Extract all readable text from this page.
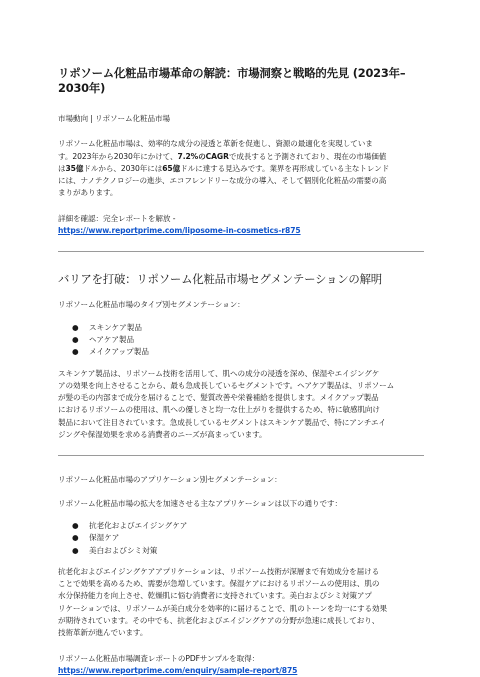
リポソーム化粧品市場革命の解読：市場洞察と戦略的先見 (2023年–2030年)

市場動向 | リポソーム化粧品市場

リポソーム化粧品市場は、効率的な成分の浸透と革新を促進し、資源の最適化を実現していま
す。2023年から2030年にかけて、7.2%のCAGRで成長すると予測されており、現在の市場価値
は35億ドルから、2030年には65億ドルに達する見込みです。業界を再形成している主なトレンド
には、ナノテクノロジーの進歩、エコフレンドリーな成分の導入、そして個別化化粧品の需要の高
まりがあります。

詳細を確認：完全レポートを解放 -

https://www.reportprime.com/liposome-in-cosmetics-r875

バリアを打破：リポソーム化粧品市場セグメンテーションの解明

リポソーム化粧品市場のタイプ別セグメンテーション：

● スキンケア製品
● ヘアケア製品
● メイクアップ製品

スキンケア製品は、リポソーム技術を活用して、肌への成分の浸透を深め、保湿やエイジングケ
アの効果を向上させることから、最も急成長しているセグメントです。ヘアケア製品は、リポソーム
が髪の毛の内部まで成分を届けることで、髪質改善や栄養補給を提供します。メイクアップ製品
におけるリポソームの使用は、肌への優しさと均一な仕上がりを提供するため、特に敏感肌向け
製品において注目されています。急成長しているセグメントはスキンケア製品で、特にアンチエイ
ジングや保湿効果を求める消費者のニーズが高まっています。

リポソーム化粧品市場のアプリケーション別セグメンテーション：

リポソーム化粧品市場の拡大を加速させる主なアプリケーションは以下の通りです：

● 抗老化およびエイジングケア
● 保湿ケア
● 美白およびシミ対策

抗老化およびエイジングケアアプリケーションは、リポソーム技術が深層まで有効成分を届ける
ことで効果を高めるため、需要が急増しています。保湿ケアにおけるリポソームの使用は、肌の
水分保持能力を向上させ、乾燥肌に悩む消費者に支持されています。美白およびシミ対策アプ
リケーションでは、リポソームが美白成分を効率的に届けることで、肌のトーンを均一にする効果
が期待されています。その中でも、抗老化およびエイジングケアの分野が急速に成長しており、
技術革新が進んでいます。

リポソーム化粧品市場調査レポートのPDFサンプルを取得：

https://www.reportprime.com/enquiry/sample-report/875
